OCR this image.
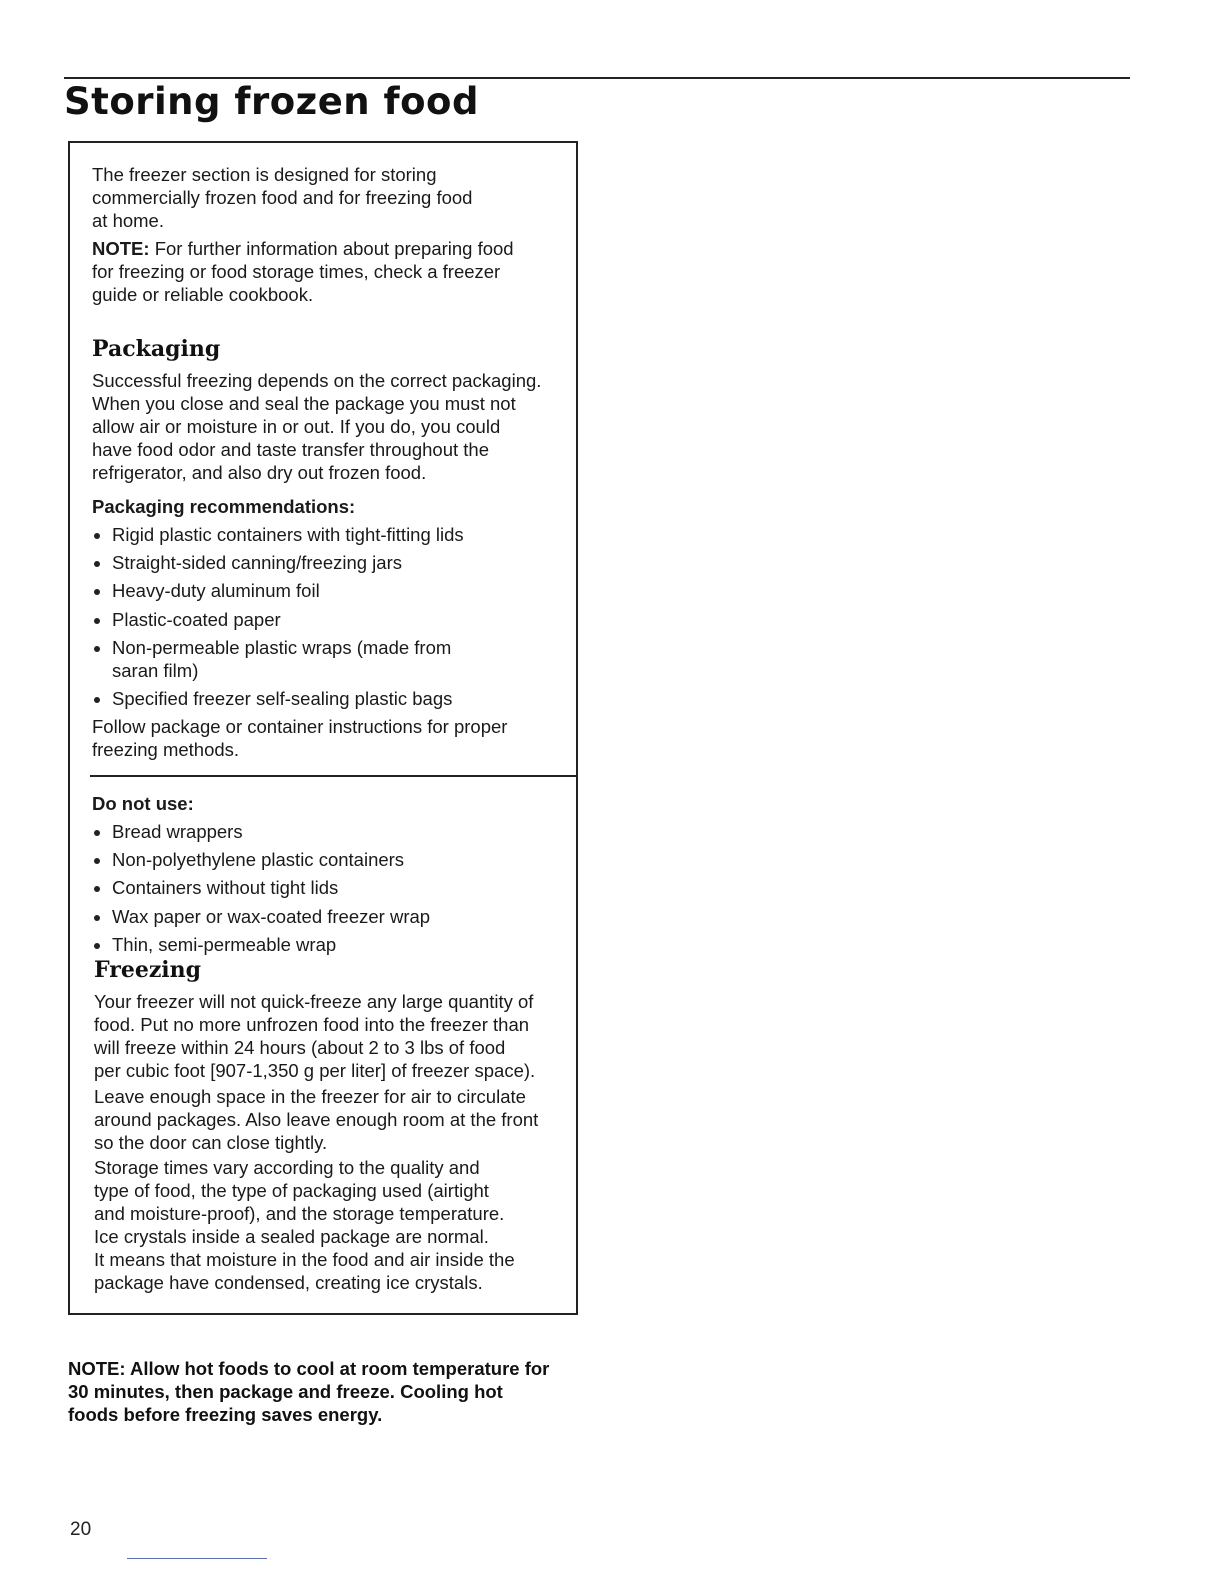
Storing frozen food

The freezer section is designed for storing
commercially frozen food and for freezing food
at home.

NOTE: For further information about preparing food
for freezing or food storage times, check a freezer
guide or reliable cookbook.

Packaging

Successful freezing depends on the correct packaging.
When you close and seal the package you must not
allow air or moisture in or out. If you do, you could
have food odor and taste transfer throughout the
refrigerator, and also dry out frozen food.

Packaging recommendations:

Rigid plastic containers with tight-fitting lids
Straight-sided canning/freezing jars
Heavy-duty aluminum foil
Plastic-coated paper
Non-permeable plastic wraps (made from
saran film)
Specified freezer self-sealing plastic bags

Follow package or container instructions for proper
freezing methods.

Do not use:

Bread wrappers
Non-polyethylene plastic containers
Containers without tight lids
Wax paper or wax-coated freezer wrap
Thin, semi-permeable wrap
Freezing

Your freezer will not quick-freeze any large quantity of
food. Put no more unfrozen food into the freezer than
will freeze within 24 hours (about 2 to 3 lbs of food
per cubic foot [907-1,350 g per liter] of freezer space).

Leave enough space in the freezer for air to circulate
around packages. Also leave enough room at the front
so the door can close tightly.

Storage times vary according to the quality and
type of food, the type of packaging used (airtight
and moisture-proof), and the storage temperature.
Ice crystals inside a sealed package are normal.
It means that moisture in the food and air inside the
package have condensed, creating ice crystals.

NOTE: Allow hot foods to cool at room temperature for
30 minutes, then package and freeze. Cooling hot
foods before freezing saves energy.

20
